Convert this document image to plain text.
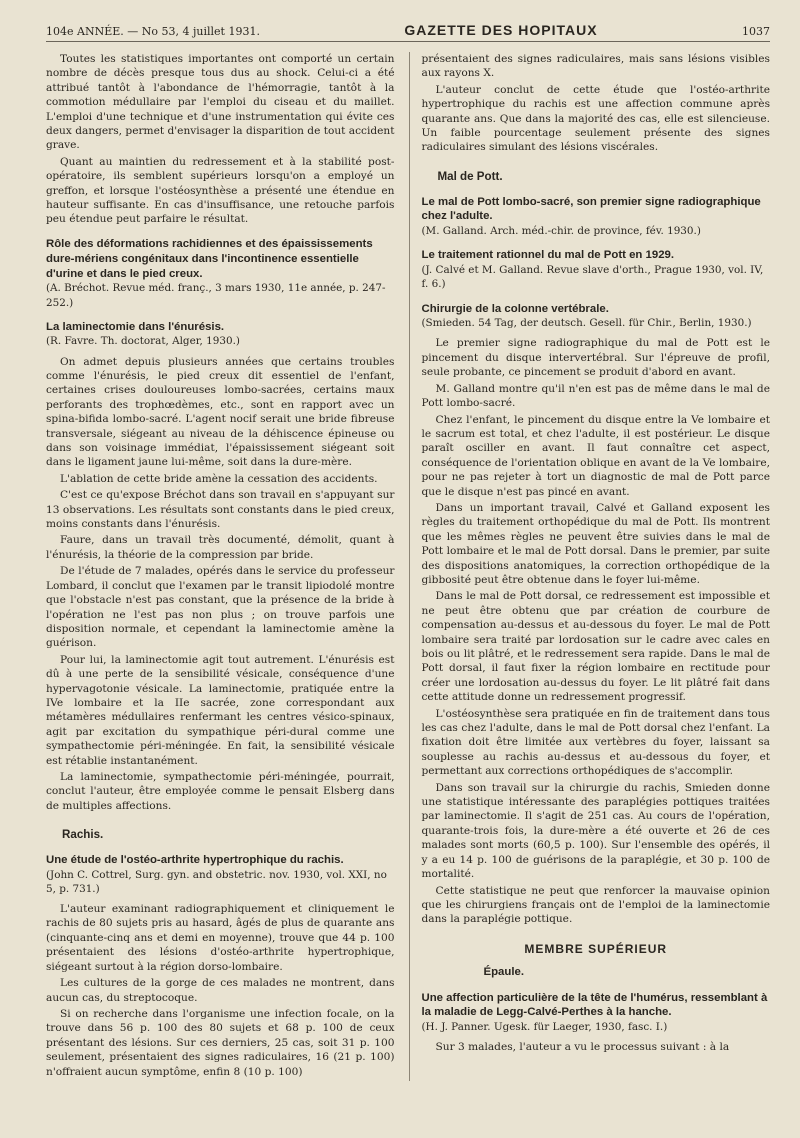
104e ANNÉE. — No 53, 4 juillet 1931.	GAZETTE DES HOPITAUX	1037

Toutes les statistiques importantes ont comporté un certain nombre de décès presque tous dus au shock. Celui-ci a été attribué tantôt à l'abondance de l'hémorragie, tantôt à la commotion médullaire par l'emploi du ciseau et du maillet. L'emploi d'une technique et d'une instrumentation qui évite ces deux dangers, permet d'envisager la disparition de tout accident grave.

Quant au maintien du redressement et à la stabilité post-opératoire, ils semblent supérieurs lorsqu'on a employé un greffon, et lorsque l'ostéosynthèse a présenté une étendue en hauteur suffisante. En cas d'insuffisance, une retouche parfois peu étendue peut parfaire le résultat.

Rôle des déformations rachidiennes et des épaississements dure-mériens congénitaux dans l'incontinence essentielle d'urine et dans le pied creux.
(A. Bréchot. Revue méd. franç., 3 mars 1930, 11e année, p. 247-252.)
La laminectomie dans l'énurésis.
(R. Favre. Th. doctorat, Alger, 1930.)

On admet depuis plusieurs années que certains troubles comme l'énurésis, le pied creux dit essentiel de l'enfant, certaines crises douloureuses lombo-sacrées, certains maux perforants des trophœdèmes, etc., sont en rapport avec un spina-bifida lombo-sacré. L'agent nocif serait une bride fibreuse transversale, siégeant au niveau de la déhiscence épineuse ou dans son voisinage immédiat, l'épaississement siégeant soit dans le ligament jaune lui-même, soit dans la dure-mère.

L'ablation de cette bride amène la cessation des accidents.

C'est ce qu'expose Bréchot dans son travail en s'appuyant sur 13 observations. Les résultats sont constants dans le pied creux, moins constants dans l'énurésis.

Faure, dans un travail très documenté, démolit, quant à l'énurésis, la théorie de la compression par bride.

De l'étude de 7 malades, opérés dans le service du professeur Lombard, il conclut que l'examen par le transit lipiodolé montre que l'obstacle n'est pas constant, que la présence de la bride à l'opération ne l'est pas non plus ; on trouve parfois une disposition normale, et cependant la laminectomie amène la guérison.

Pour lui, la laminectomie agit tout autrement. L'énurésis est dû à une perte de la sensibilité vésicale, conséquence d'une hypervagotonie vésicale. La laminectomie, pratiquée entre la IVe lombaire et la IIe sacrée, zone correspondant aux métamères médullaires renfermant les centres vésico-spinaux, agit par excitation du sympathique péri-dural comme une sympathectomie péri-méningée. En fait, la sensibilité vésicale est rétablie instantanément.

La laminectomie, sympathectomie péri-méningée, pourrait, conclut l'auteur, être employée comme le pensait Elsberg dans de multiples affections.

Rachis.
Une étude de l'ostéo-arthrite hypertrophique du rachis.
(John C. Cottrel, Surg. gyn. and obstetric. nov. 1930, vol. XXI, no 5, p. 731.)

L'auteur examinant radiographiquement et cliniquement le rachis de 80 sujets pris au hasard, âgés de plus de quarante ans (cinquante-cinq ans et demi en moyenne), trouve que 44 p. 100 présentaient des lésions d'ostéo-arthrite hypertrophique, siégeant surtout à la région dorso-lombaire.

Les cultures de la gorge de ces malades ne montrent, dans aucun cas, du streptocoque.

Si on recherche dans l'organisme une infection focale, on la trouve dans 56 p. 100 des 80 sujets et 68 p. 100 de ceux présentant des lésions. Sur ces derniers, 25 cas, soit 31 p. 100 seulement, présentaient des signes radiculaires, 16 (21 p. 100) n'offraient aucun symptôme, enfin 8 (10 p. 100)

présentaient des signes radiculaires, mais sans lésions visibles aux rayons X.

L'auteur conclut de cette étude que l'ostéo-arthrite hypertrophique du rachis est une affection commune après quarante ans. Que dans la majorité des cas, elle est silencieuse. Un faible pourcentage seulement présente des signes radiculaires simulant des lésions viscérales.

Mal de Pott.
Le mal de Pott lombo-sacré, son premier signe radiographique chez l'adulte.
(M. Galland. Arch. méd.-chir. de province, fév. 1930.)
Le traitement rationnel du mal de Pott en 1929.
(J. Calvé et M. Galland. Revue slave d'orth., Prague 1930, vol. IV, f. 6.)
Chirurgie de la colonne vertébrale.
(Smieden. 54 Tag, der deutsch. Gesell. für Chir., Berlin, 1930.)

Le premier signe radiographique du mal de Pott est le pincement du disque intervertébral. Sur l'épreuve de profil, seule probante, ce pincement se produit d'abord en avant.

M. Galland montre qu'il n'en est pas de même dans le mal de Pott lombo-sacré.

Chez l'enfant, le pincement du disque entre la Ve lombaire et le sacrum est total, et chez l'adulte, il est postérieur. Le disque paraît osciller en avant. Il faut connaître cet aspect, conséquence de l'orientation oblique en avant de la Ve lombaire, pour ne pas rejeter à tort un diagnostic de mal de Pott parce que le disque n'est pas pincé en avant.

Dans un important travail, Calvé et Galland exposent les règles du traitement orthopédique du mal de Pott. Ils montrent que les mêmes règles ne peuvent être suivies dans le mal de Pott lombaire et le mal de Pott dorsal. Dans le premier, par suite des dispositions anatomiques, la correction orthopédique de la gibbosité peut être obtenue dans le foyer lui-même.

Dans le mal de Pott dorsal, ce redressement est impossible et ne peut être obtenu que par création de courbure de compensation au-dessus et au-dessous du foyer. Le mal de Pott lombaire sera traité par lordosation sur le cadre avec cales en bois ou lit plâtré, et le redressement sera rapide. Dans le mal de Pott dorsal, il faut fixer la région lombaire en rectitude pour créer une lordosation au-dessus du foyer. Le lit plâtré fait dans cette attitude donne un redressement progressif.

L'ostéosynthèse sera pratiquée en fin de traitement dans tous les cas chez l'adulte, dans le mal de Pott dorsal chez l'enfant. La fixation doit être limitée aux vertèbres du foyer, laissant sa souplesse au rachis au-dessus et au-dessous du foyer, et permettant aux corrections orthopédiques de s'accomplir.

Dans son travail sur la chirurgie du rachis, Smieden donne une statistique intéressante des paraplégies pottiques traitées par laminectomie. Il s'agit de 251 cas. Au cours de l'opération, quarante-trois fois, la dure-mère a été ouverte et 26 de ces malades sont morts (60,5 p. 100). Sur l'ensemble des opérés, il y a eu 14 p. 100 de guérisons de la paraplégie, et 30 p. 100 de mortalité.

Cette statistique ne peut que renforcer la mauvaise opinion que les chirurgiens français ont de l'emploi de la laminectomie dans la paraplégie pottique.

MEMBRE SUPÉRIEUR
Épaule.
Une affection particulière de la tête de l'humérus, ressemblant à la maladie de Legg-Calvé-Perthes à la hanche.
(H. J. Panner. Ugesk. für Laeger, 1930, fasc. I.)

Sur 3 malades, l'auteur a vu le processus suivant : à la
